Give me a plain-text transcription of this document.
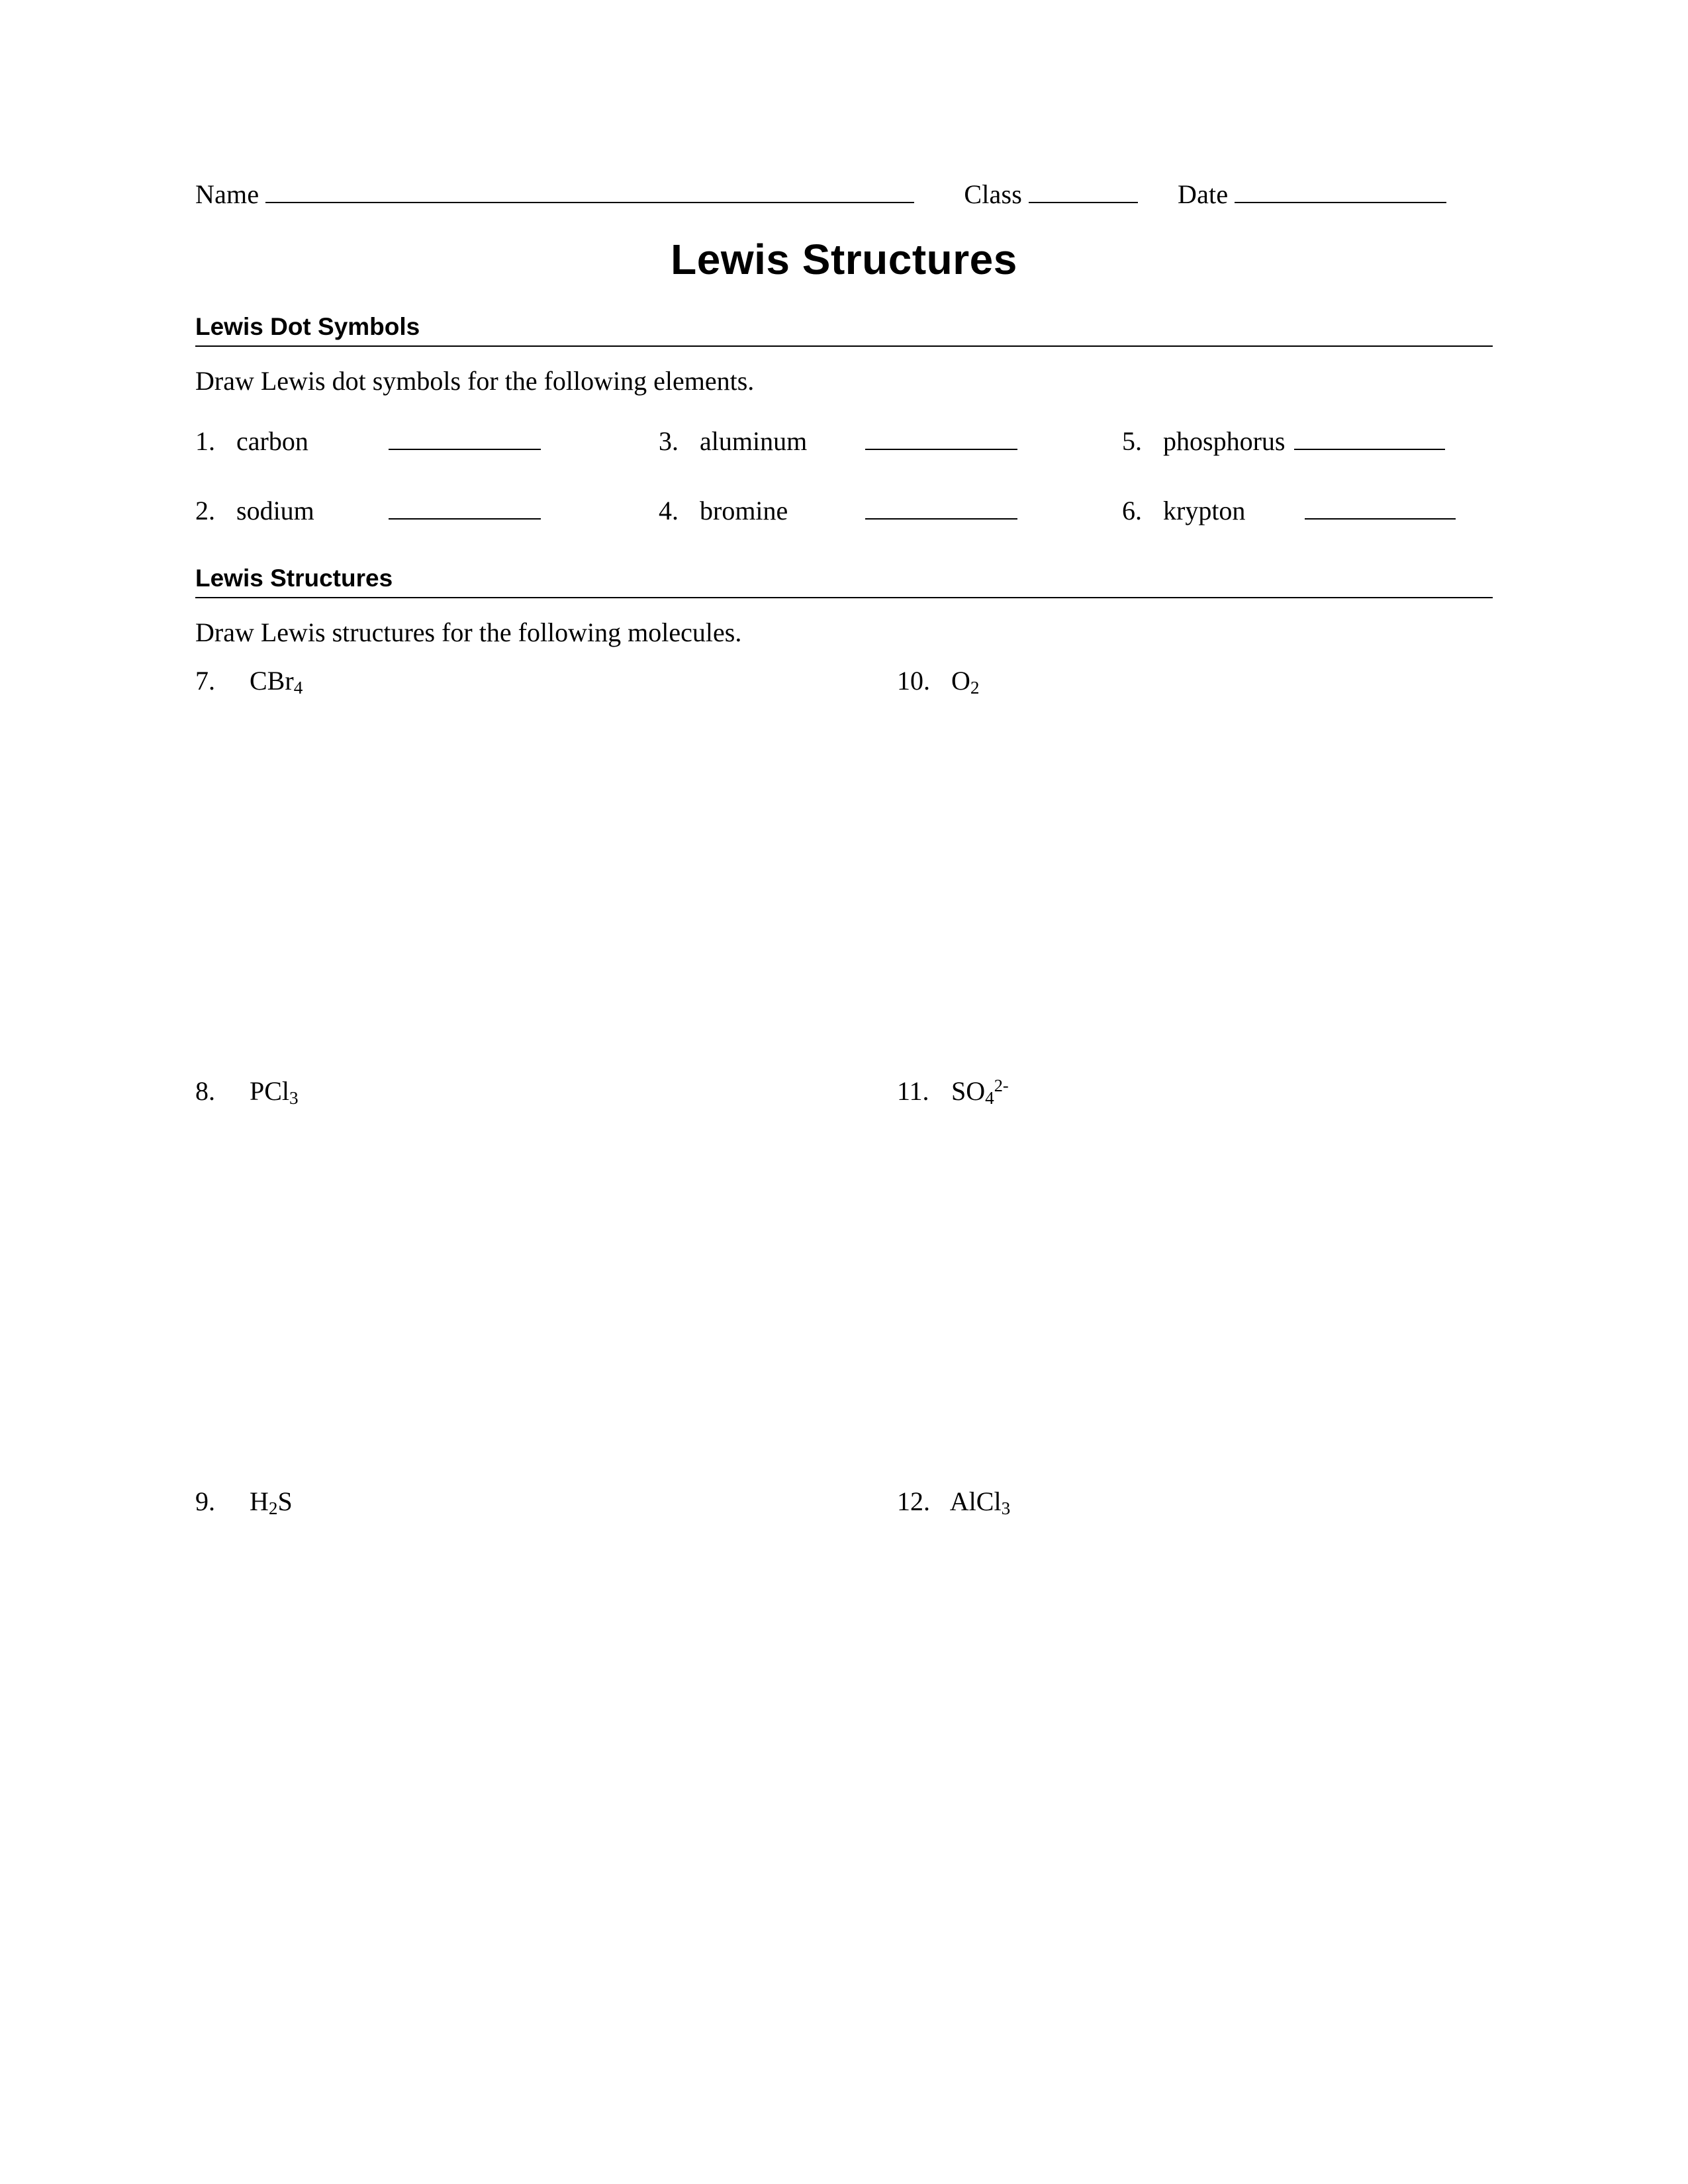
Name	Class	Date
Lewis Structures
Lewis Dot Symbols
Draw Lewis dot symbols for the following elements.
1. carbon	3. aluminum	5. phosphorus
2. sodium	4. bromine	6. krypton
Lewis Structures
Draw Lewis structures for the following molecules.
7. CBr$_4$	10. $O_2$
8. PCl$_3$	11. $SO_4^{2-}$
9. $H_2S$	12. AlCl$_3$
